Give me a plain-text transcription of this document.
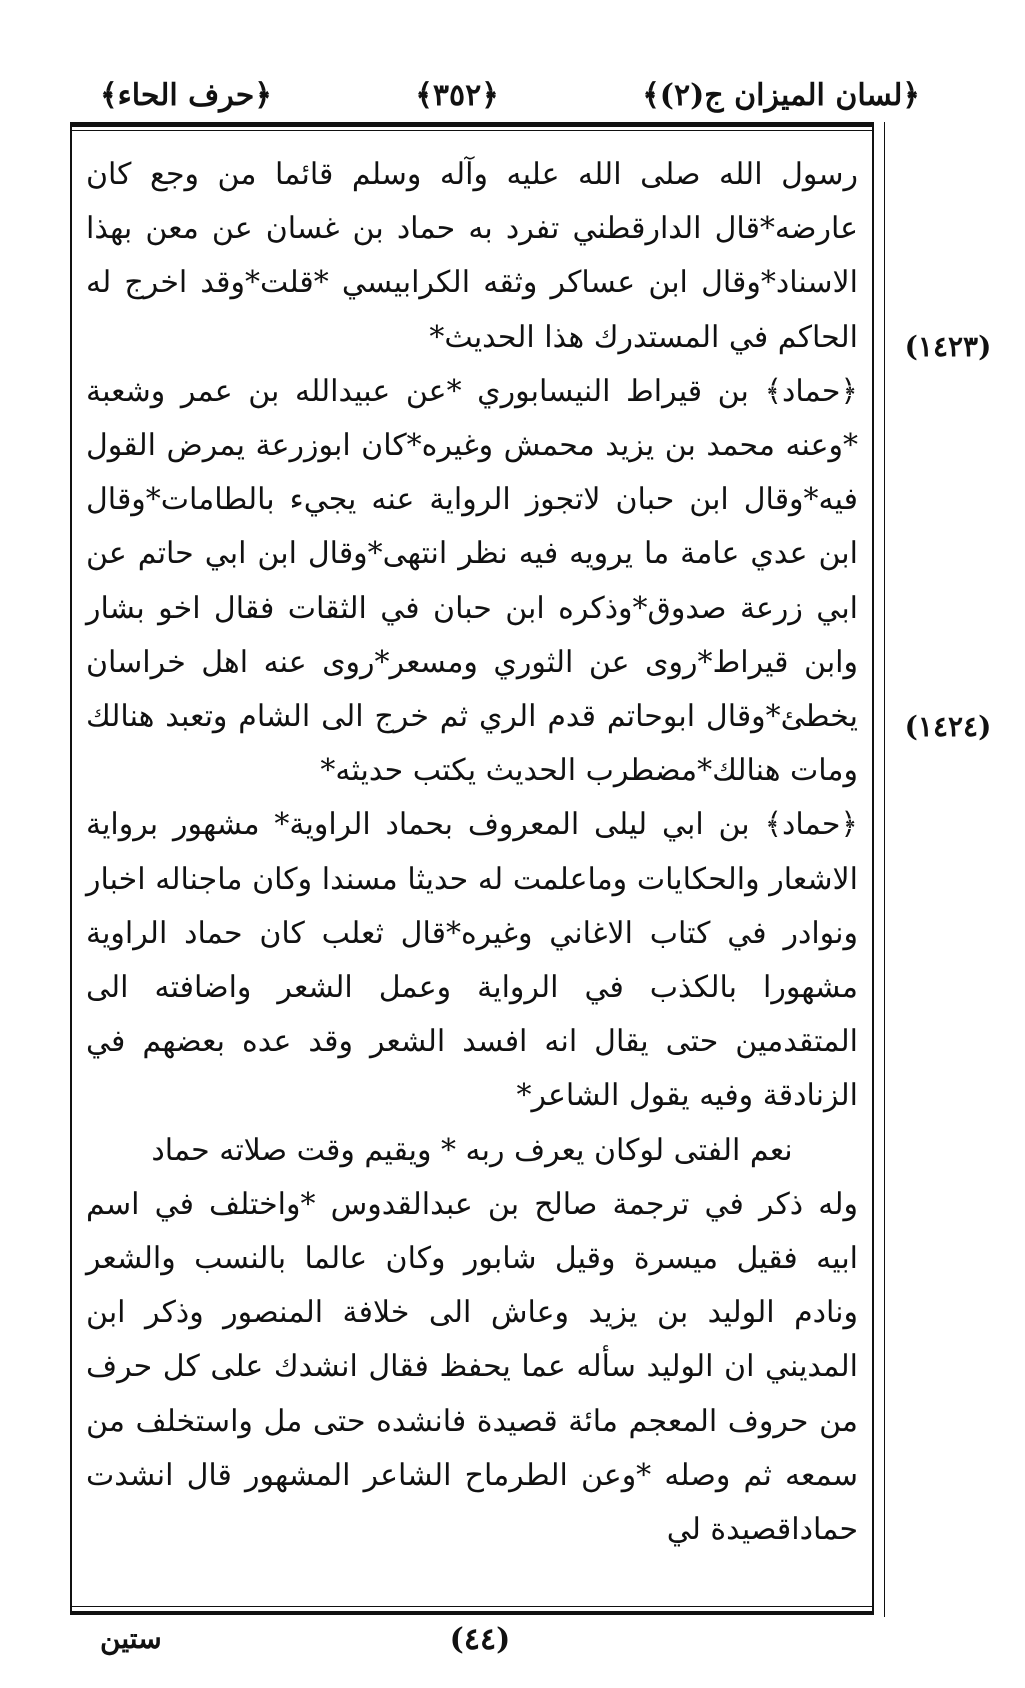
﴿حرف الحاء﴾	﴿٣٥٢﴾	﴿لسان الميزان ج(٢)﴾

رسول الله صلى الله عليه وآله وسلم قائما من وجع كان عارضه*قال الدارقطني تفرد به حماد بن غسان عن معن بهذا الاسناد*وقال ابن عساكر وثقه الكرابيسي *قلت*وقد اخرج له الحاكم في المستدرك هذا الحديث*

﴿حماد﴾ بن قيراط النيسابوري *عن عبيدالله بن عمر وشعبة *وعنه محمد بن يزيد محمش وغيره*كان ابوزرعة يمرض القول فيه*وقال ابن حبان لاتجوز الرواية عنه يجيء بالطامات*وقال ابن عدي عامة ما يرويه فيه نظر انتهى*وقال ابن ابي حاتم عن ابي زرعة صدوق*وذكره ابن حبان في الثقات فقال اخو بشار وابن قيراط*روى عن الثوري ومسعر*روى عنه اهل خراسان يخطئ*وقال ابوحاتم قدم الري ثم خرج الى الشام وتعبد هنالك ومات هنالك*مضطرب الحديث يكتب حديثه*

﴿حماد﴾ بن ابي ليلى المعروف بحماد الراوية* مشهور برواية الاشعار والحكايات وماعلمت له حديثا مسندا وكان ماجناله اخبار ونوادر في كتاب الاغاني وغيره*قال ثعلب كان حماد الراوية مشهورا بالكذب في الرواية وعمل الشعر واضافته الى المتقدمين حتى يقال انه افسد الشعر وقد عده بعضهم في الزنادقة وفيه يقول الشاعر*

نعم الفتى لوكان يعرف ربه * ويقيم وقت صلاته حماد

وله ذكر في ترجمة صالح بن عبدالقدوس *واختلف في اسم ابيه فقيل ميسرة وقيل شابور وكان عالما بالنسب والشعر ونادم الوليد بن يزيد وعاش الى خلافة المنصور وذكر ابن المديني ان الوليد سأله عما يحفظ فقال انشدك على كل حرف من حروف المعجم مائة قصيدة فانشده حتى مل واستخلف من سمعه ثم وصله *وعن الطرماح الشاعر المشهور قال انشدت حماداقصيدة لي

(١٤٢٣)
(١٤٢٤)
ستين	(٤٤)
